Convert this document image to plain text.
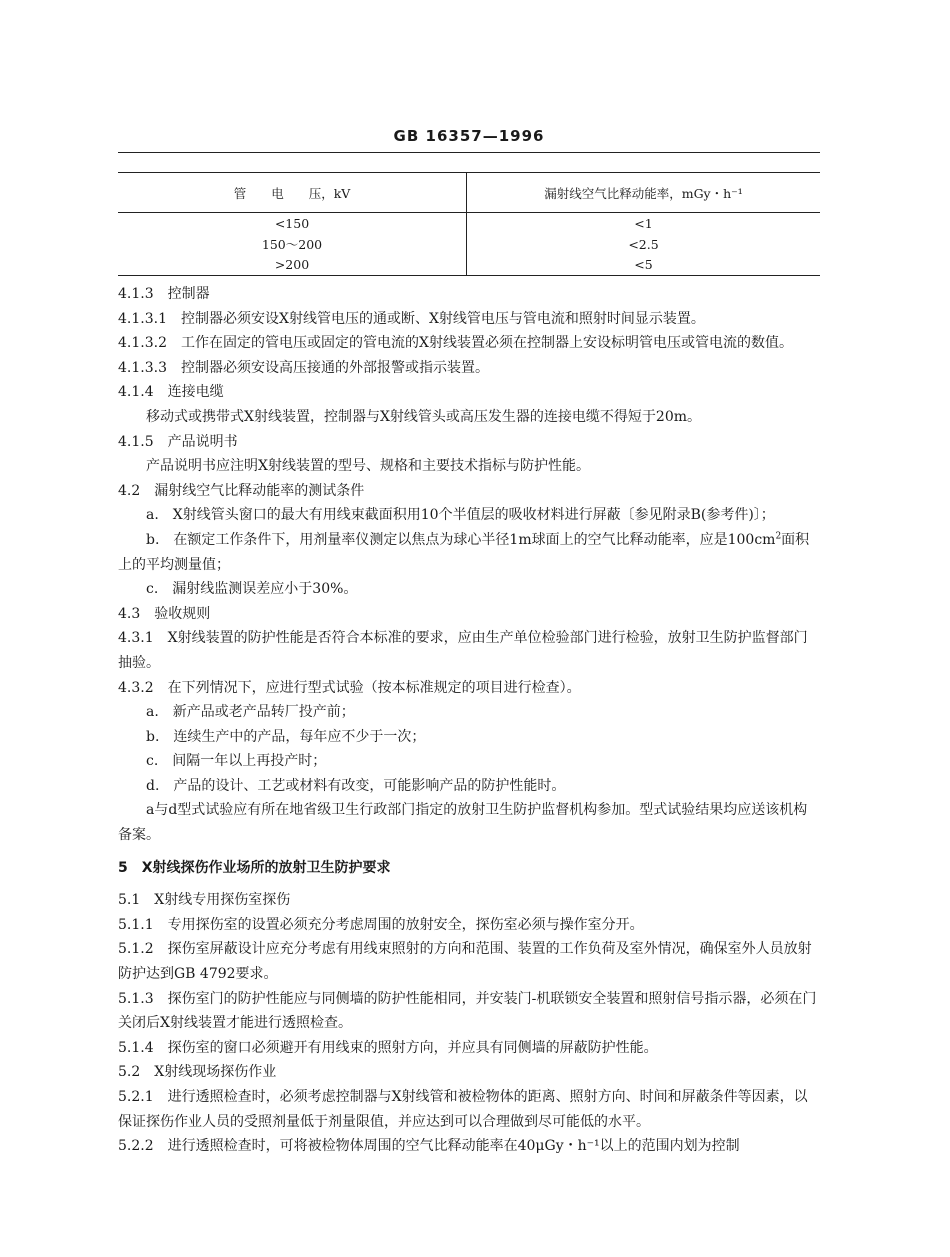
GB 16357—1996
管　　电　　压，kV	漏射线空气比释动能率，mGy・h⁻¹
<150	<1
150～200	<2.5
>200	<5

4.1.3　控制器

4.1.3.1　控制器必须安设X射线管电压的通或断、X射线管电压与管电流和照射时间显示装置。

4.1.3.2　工作在固定的管电压或固定的管电流的X射线装置必须在控制器上安设标明管电压或管电流的数值。

4.1.3.3　控制器必须安设高压接通的外部报警或指示装置。

4.1.4　连接电缆

移动式或携带式X射线装置，控制器与X射线管头或高压发生器的连接电缆不得短于20m。

4.1.5　产品说明书

产品说明书应注明X射线装置的型号、规格和主要技术指标与防护性能。

4.2　漏射线空气比释动能率的测试条件

a.　X射线管头窗口的最大有用线束截面积用10个半值层的吸收材料进行屏蔽〔参见附录B(参考件)〕；

b.　在额定工作条件下，用剂量率仪测定以焦点为球心半径1m球面上的空气比释动能率，应是$100cm^2$面积上的平均测量值；

c.　漏射线监测误差应小于30%。

4.3　验收规则

4.3.1　X射线装置的防护性能是否符合本标准的要求，应由生产单位检验部门进行检验，放射卫生防护监督部门抽验。

4.3.2　在下列情况下，应进行型式试验（按本标准规定的项目进行检查）。

a.　新产品或老产品转厂投产前；

b.　连续生产中的产品，每年应不少于一次；

c.　间隔一年以上再投产时；

d.　产品的设计、工艺或材料有改变，可能影响产品的防护性能时。

a与d型式试验应有所在地省级卫生行政部门指定的放射卫生防护监督机构参加。型式试验结果均应送该机构备案。

5　X射线探伤作业场所的放射卫生防护要求

5.1　X射线专用探伤室探伤

5.1.1　专用探伤室的设置必须充分考虑周围的放射安全，探伤室必须与操作室分开。

5.1.2　探伤室屏蔽设计应充分考虑有用线束照射的方向和范围、装置的工作负荷及室外情况，确保室外人员放射防护达到GB 4792要求。

5.1.3　探伤室门的防护性能应与同侧墙的防护性能相同，并安装门-机联锁安全装置和照射信号指示器，必须在门关闭后X射线装置才能进行透照检查。

5.1.4　探伤室的窗口必须避开有用线束的照射方向，并应具有同侧墙的屏蔽防护性能。

5.2　X射线现场探伤作业

5.2.1　进行透照检查时，必须考虑控制器与X射线管和被检物体的距离、照射方向、时间和屏蔽条件等因素，以保证探伤作业人员的受照剂量低于剂量限值，并应达到可以合理做到尽可能低的水平。

5.2.2　进行透照检查时，可将被检物体周围的空气比释动能率在40μGy・h⁻¹以上的范围内划为控制
